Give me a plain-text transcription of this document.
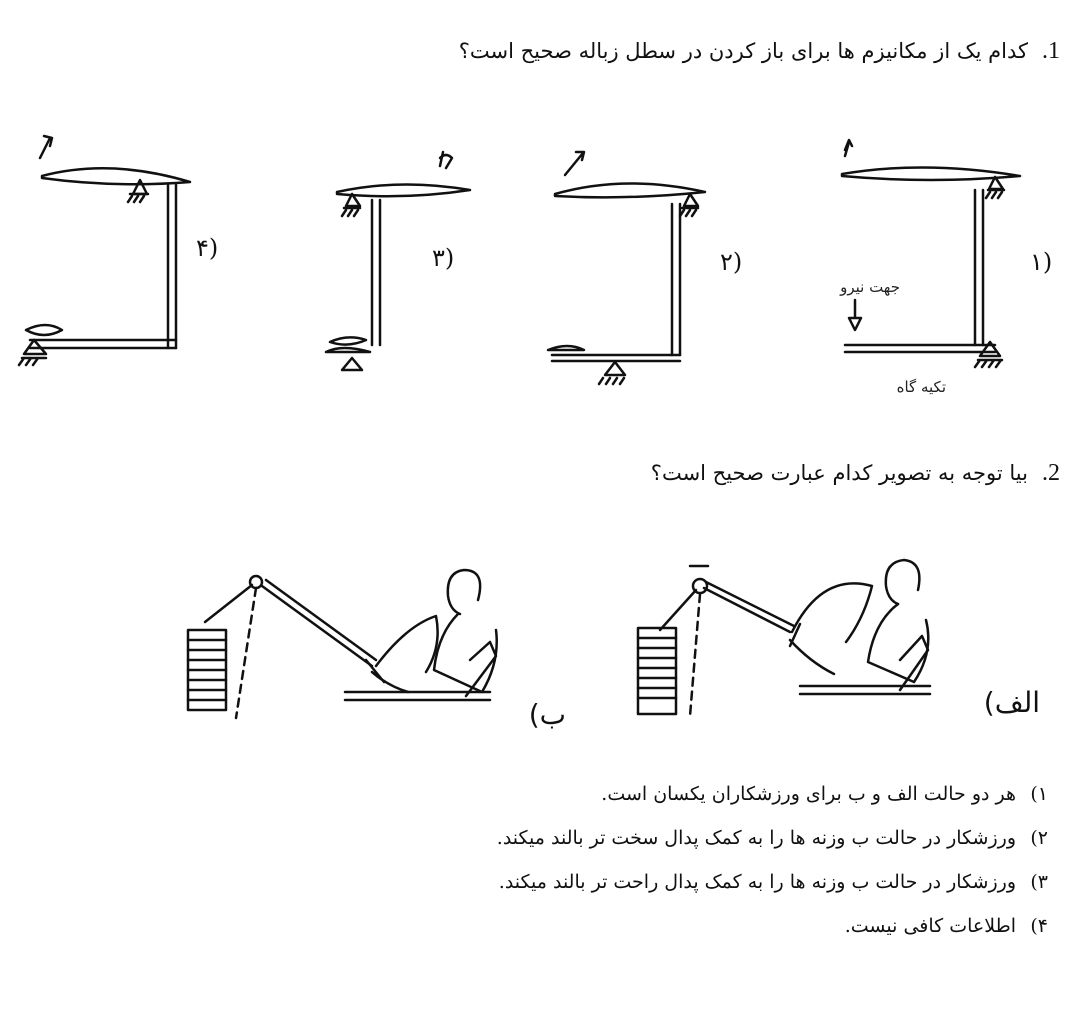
1.کدام یک از مکانیزم ها برای باز کردن در سطل زباله صحیح است؟
۱)
۲)
۳)
۴)
جهت نیرو
تکیه گاه
الف)
ب)
2.بیا توجه به تصویر کدام عبارت صحیح است؟
۱)هر دو حالت الف و ب برای ورزشکاران یکسان است.
۲)ورزشکار در حالت ب وزنه ها را به کمک پدال سخت تر بالند میکند.
۳)ورزشکار در حالت ب وزنه ها را به کمک پدال راحت تر بالند میکند.
۴)اطلاعات کافی نیست.
